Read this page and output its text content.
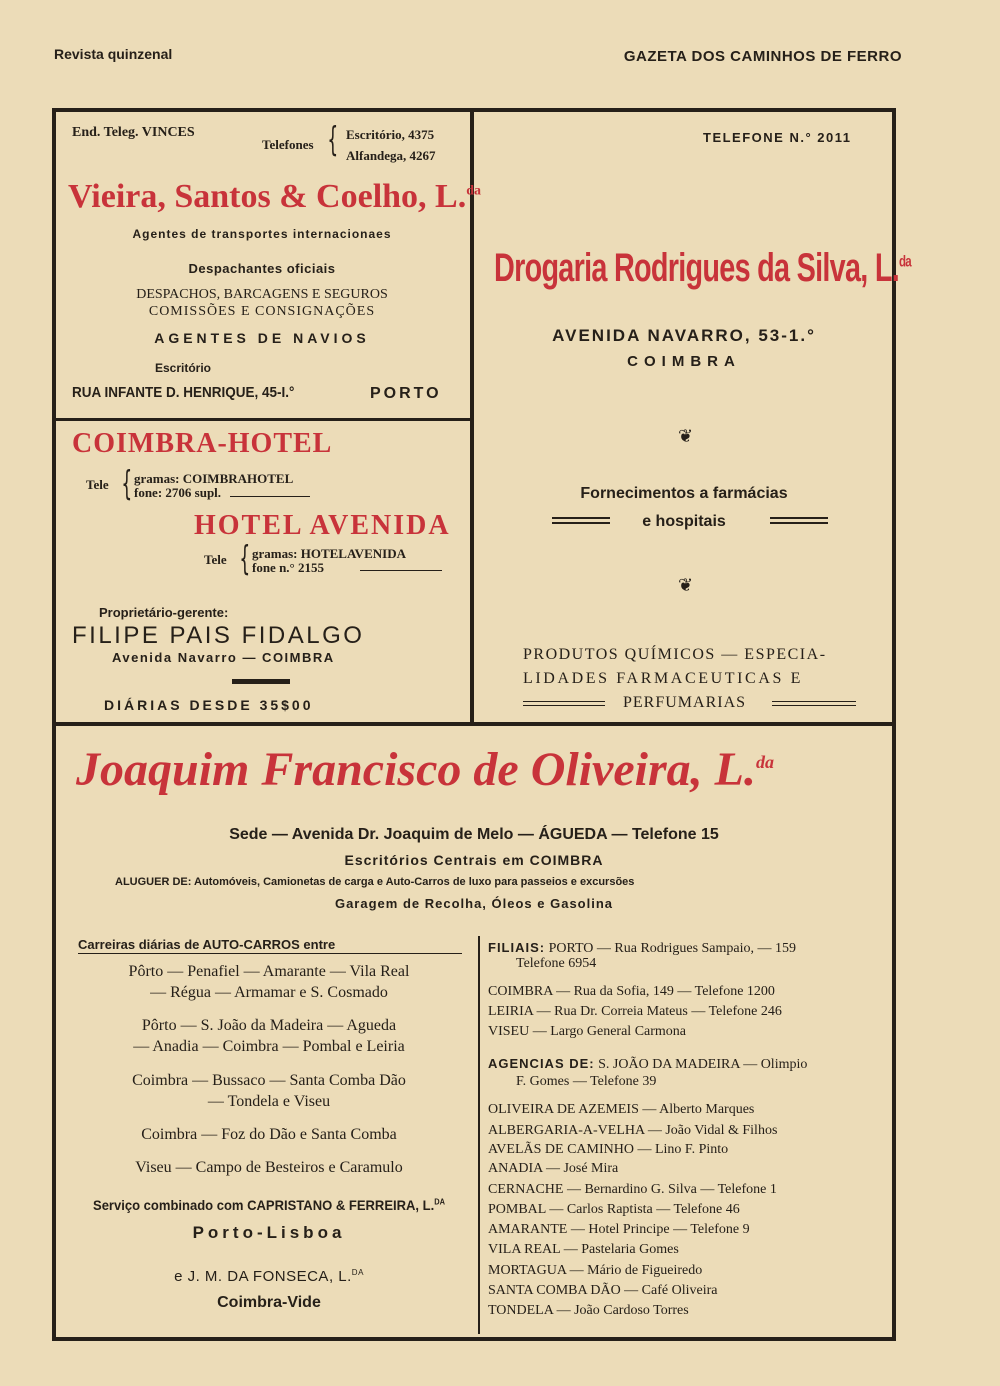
Revista quinzenal	GAZETA DOS CAMINHOS DE FERRO
End. Teleg. VINCES
Telefones { Escritório, 4375
Alfandega, 4267
Vieira, Santos & Coelho, L.$^{da}$
Agentes de transportes internacionaes
Despachantes oficiais
DESPACHOS, BARCAGENS E SEGUROS
COMISSÕES E CONSIGNAÇÕES
AGENTES DE NAVIOS
Escritório
RUA INFANTE D. HENRIQUE, 45-I.°	PORTO
TELEFONE N.° 2011
Drogaria Rodrigues da Silva, L.$^{da}$
AVENIDA NAVARRO, 53-1.°
COIMBRA
❦
Fornecimentos a farmácias
e hospitais
❦
PRODUTOS QUÍMICOS — ESPECIA-
LIDADES FARMACEUTICAS E
PERFUMARIAS
COIMBRA-HOTEL
Tele { gramas: COIMBRAHOTEL
fone: 2706 supl.
HOTEL AVENIDA
Tele { gramas: HOTELAVENIDA
fone n.° 2155
Proprietário-gerente:
FILIPE PAIS FIDALGO
Avenida Navarro — COIMBRA
DIÁRIAS DESDE 35$00
Joaquim Francisco de Oliveira, L.$^{da}$
Sede — Avenida Dr. Joaquim de Melo — ÁGUEDA — Telefone 15
Escritórios Centrais em COIMBRA
ALUGUER DE: Automóveis, Camionetas de carga e Auto-Carros de luxo para passeios e excursões
Garagem de Recolha, Óleos e Gasolina
Carreiras diárias de AUTO-CARROS entre
Pôrto — Penafiel — Amarante — Vila Real
— Régua — Armamar e S. Cosmado
Pôrto — S. João da Madeira — Agueda
— Anadia — Coimbra — Pombal e Leiria
Coimbra — Bussaco — Santa Comba Dão
— Tondela e Viseu
Coimbra — Foz do Dão e Santa Comba
Viseu — Campo de Besteiros e Caramulo
Serviço combinado com CAPRISTANO & FERREIRA, L.$^{DA}$
Porto-Lisboa
e J. M. DA FONSECA, L.$^{DA}$
Coimbra-Vide
FILIAIS: PORTO — Rua Rodrigues Sampaio, — 159
Telefone 6954
COIMBRA — Rua da Sofia, 149 — Telefone 1200
LEIRIA — Rua Dr. Correia Mateus — Telefone 246
VISEU — Largo General Carmona
AGENCIAS DE: S. JOÃO DA MADEIRA — Olimpio
F. Gomes — Telefone 39
OLIVEIRA DE AZEMEIS — Alberto Marques
ALBERGARIA-A-VELHA — João Vidal & Filhos
AVELÃS DE CAMINHO — Lino F. Pinto
ANADIA — José Mira
CERNACHE — Bernardino G. Silva — Telefone 1
POMBAL — Carlos Raptista — Telefone 46
AMARANTE — Hotel Principe — Telefone 9
VILA REAL — Pastelaria Gomes
MORTAGUA — Mário de Figueiredo
SANTA COMBA DÃO — Café Oliveira
TONDELA — João Cardoso Torres
